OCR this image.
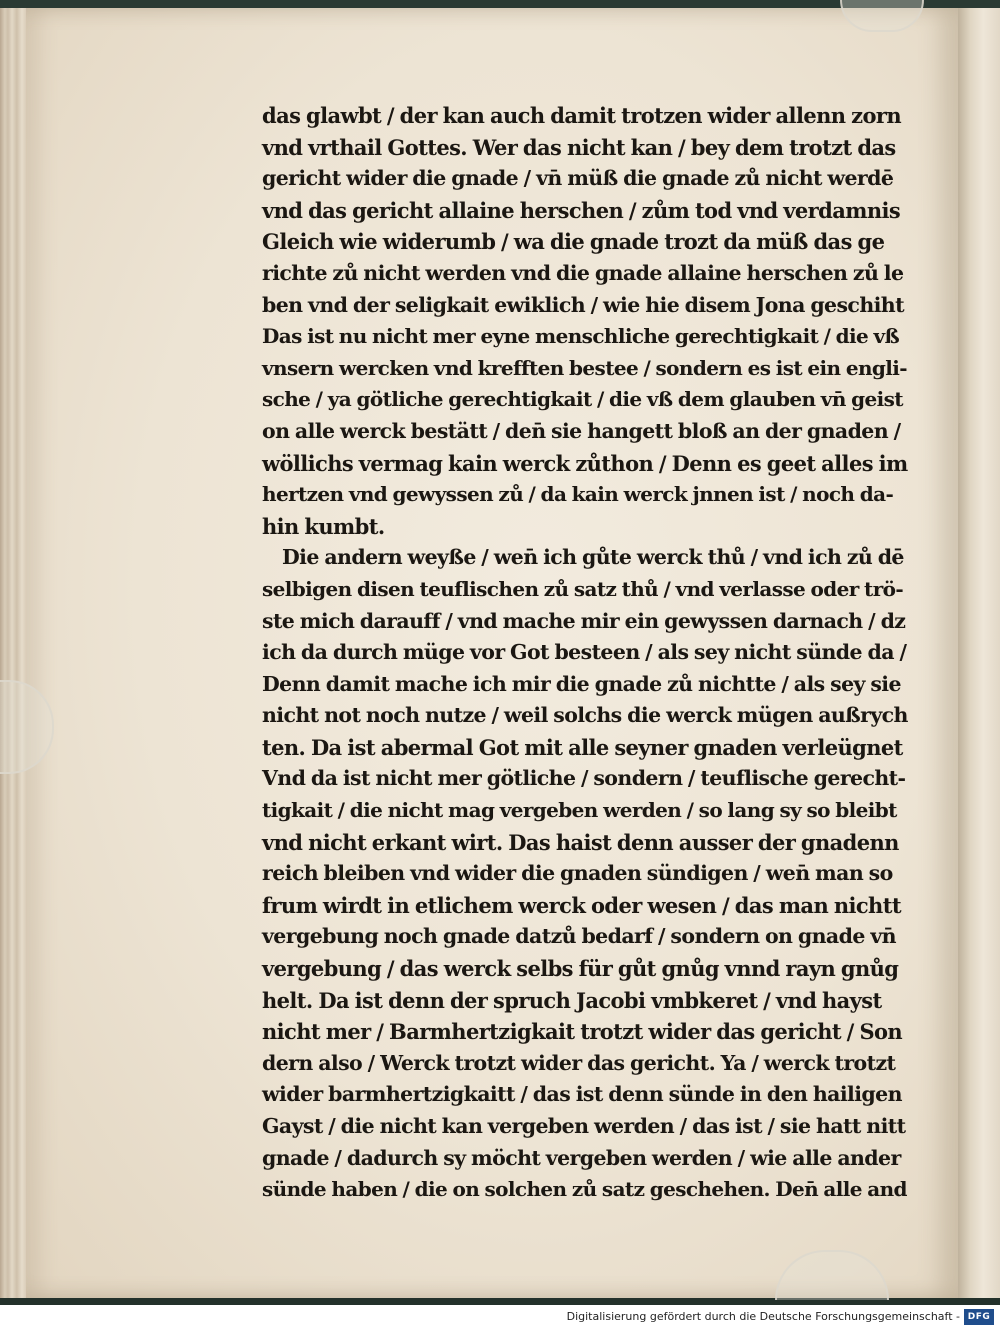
das glawbt / der kan auch damit trotzen wider allenn zorn
vnd vrthail Gottes. Wer das nicht kan / bey dem trotzt das
gericht wider die gnade / vn̄ müß die gnade zů nicht werdē
vnd das gericht allaine herschen / zům tod vnd verdamnis
Gleich wie widerumb / wa die gnade trozt da müß das ge
richte zů nicht werden vnd die gnade allaine herschen zů le
ben vnd der seligkait ewiklich / wie hie disem Jona geschiht
Das ist nu nicht mer eyne menschliche gerechtigkait / die vß
vnsern wercken vnd krefften bestee / sondern es ist ein engli-
sche / ya götliche gerechtigkait / die vß dem glauben vn̄ geist
on alle werck bestätt / den̄ sie hangett bloß an der gnaden /
wöllichs vermag kain werck zůthon / Denn es geet alles im
hertzen vnd gewyssen zů / da kain werck jnnen ist / noch da-
hin kumbt.
Die andern weyße / wen̄ ich gůte werck thů / vnd ich zů dē
selbigen disen teuflischen zů satz thů / vnd verlasse oder trö-
ste mich darauff / vnd mache mir ein gewyssen darnach / dz
ich da durch müge vor Got besteen / als sey nicht sünde da /
Denn damit mache ich mir die gnade zů nichtte / als sey sie
nicht not noch nutze / weil solchs die werck mügen außrych
ten. Da ist abermal Got mit alle seyner gnaden verleügnet
Vnd da ist nicht mer götliche / sondern / teuflische gerecht-
tigkait / die nicht mag vergeben werden / so lang sy so bleibt
vnd nicht erkant wirt. Das haist denn ausser der gnadenn
reich bleiben vnd wider die gnaden sündigen / wen̄ man so
frum wirdt in etlichem werck oder wesen / das man nichtt
vergebung noch gnade datzů bedarf / sondern on gnade vn̄
vergebung / das werck selbs für gůt gnůg vnnd rayn gnůg
helt. Da ist denn der spruch Jacobi vmbkeret / vnd hayst
nicht mer / Barmhertzigkait trotzt wider das gericht / Son
dern also / Werck trotzt wider das gericht. Ya / werck trotzt
wider barmhertzigkaitt / das ist denn sünde in den hailigen
Gayst / die nicht kan vergeben werden / das ist / sie hatt nitt
gnade / dadurch sy möcht vergeben werden / wie alle ander
sünde haben / die on solchen zů satz geschehen. Den̄ alle and
Digitalisierung gefördert durch die Deutsche Forschungsgemeinschaft - DFG
